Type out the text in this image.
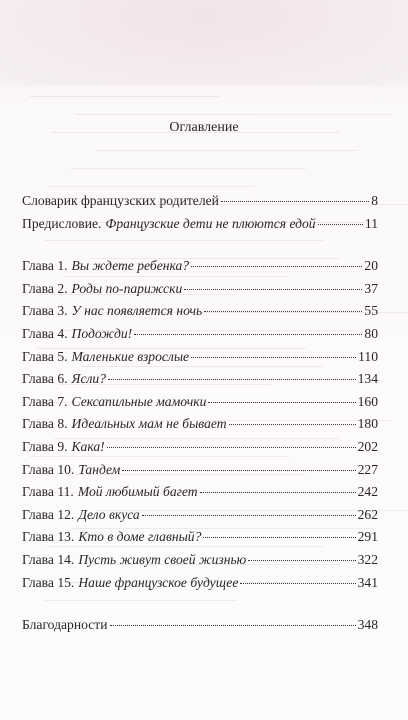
Оглавление
Словарик французских родителей	8
Предисловие. Французские дети не плюются едой	11
Глава 1. Вы ждете ребенка?	20
Глава 2. Роды по-парижски	37
Глава 3. У нас появляется ночь	55
Глава 4. Подожди!	80
Глава 5. Маленькие взрослые	110
Глава 6. Ясли?	134
Глава 7. Сексапильные мамочки	160
Глава 8. Идеальных мам не бывает	180
Глава 9. Кака!	202
Глава 10. Тандем	227
Глава 11. Мой любимый багет	242
Глава 12. Дело вкуса	262
Глава 13. Кто в доме главный?	291
Глава 14. Пусть живут своей жизнью	322
Глава 15. Наше французское будущее	341
Благодарности	348
